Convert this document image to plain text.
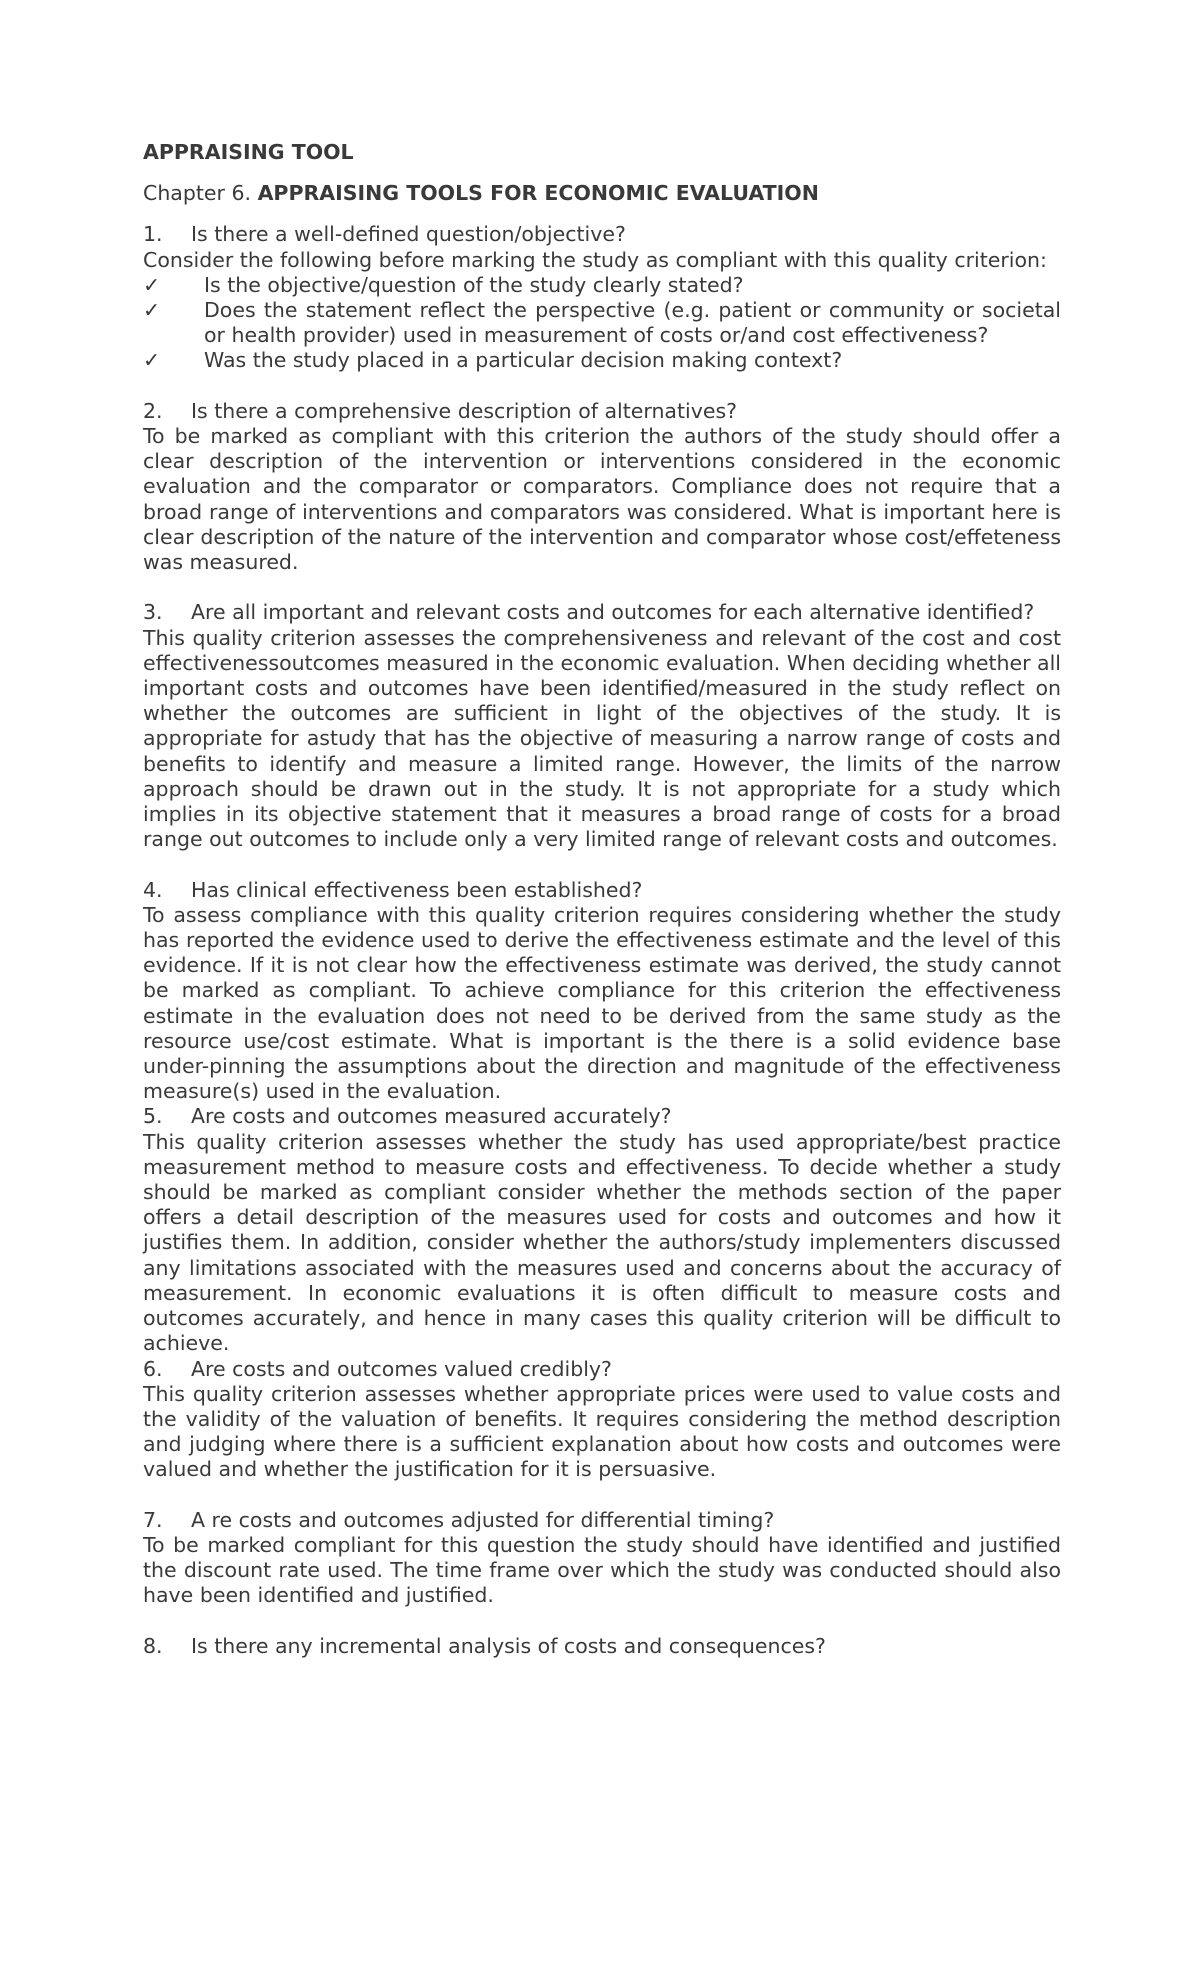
APPRAISING TOOL
Chapter 6. APPRAISING TOOLS FOR ECONOMIC EVALUATION
1.	Is there a well-defined question/objective?

Consider the following before marking the study as compliant with this quality criterion:

✓	Is the objective/question of the study clearly stated?
✓	Does the statement reflect the perspective (e.g. patient or community or societal or health provider) used in measurement of costs or/and cost effectiveness?
✓	Was the study placed in a particular decision making context?
2.	Is there a comprehensive description of alternatives?

To be marked as compliant with this criterion the authors of the study should offer a clear description of the intervention or interventions considered in the economic evaluation and the comparator or comparators. Compliance does not require that a broad range of interventions and comparators was considered. What is important here is clear description of the nature of the intervention and comparator whose cost/effeteness was measured.

3. Are all important and relevant costs and outcomes for each alternative identified?

This quality criterion assesses the comprehensiveness and relevant of the cost and cost effectivenessoutcomes measured in the economic evaluation. When deciding whether all important costs and outcomes have been identified/measured in the study reflect on whether the outcomes are sufficient in light of the objectives of the study. It is appropriate for astudy that has the objective of measuring a narrow range of costs and benefits to identify and measure a limited range. However, the limits of the narrow approach should be drawn out in the study. It is not appropriate for a study which implies in its objective statement that it measures a broad range of costs for a broad range out outcomes to include only a very limited range of relevant costs and outcomes.

4.	Has clinical effectiveness been established?

To assess compliance with this quality criterion requires considering whether the study has reported the evidence used to derive the effectiveness estimate and the level of this evidence. If it is not clear how the effectiveness estimate was derived, the study cannot be marked as compliant. To achieve compliance for this criterion the effectiveness estimate in the evaluation does not need to be derived from the same study as the resource use/cost estimate. What is important is the there is a solid evidence base under-pinning the assumptions about the direction and magnitude of the effectiveness measure(s) used in the evaluation.

5.	Are costs and outcomes measured accurately?

This quality criterion assesses whether the study has used appropriate/best practice measurement method to measure costs and effectiveness. To decide whether a study should be marked as compliant consider whether the methods section of the paper offers a detail description of the measures used for costs and outcomes and how it justifies them. In addition, consider whether the authors/study implementers discussed any limitations associated with the measures used and concerns about the accuracy of measurement. In economic evaluations it is often difficult to measure costs and outcomes accurately, and hence in many cases this quality criterion will be difficult to achieve.

6.	Are costs and outcomes valued credibly?

This quality criterion assesses whether appropriate prices were used to value costs and the validity of the valuation of benefits. It requires considering the method description and judging where there is a sufficient explanation about how costs and outcomes were valued and whether the justification for it is persuasive.

7.	A re costs and outcomes adjusted for differential timing?

To be marked compliant for this question the study should have identified and justified the discount rate used. The time frame over which the study was conducted should also have been identified and justified.

8.	Is there any incremental analysis of costs and consequences?
